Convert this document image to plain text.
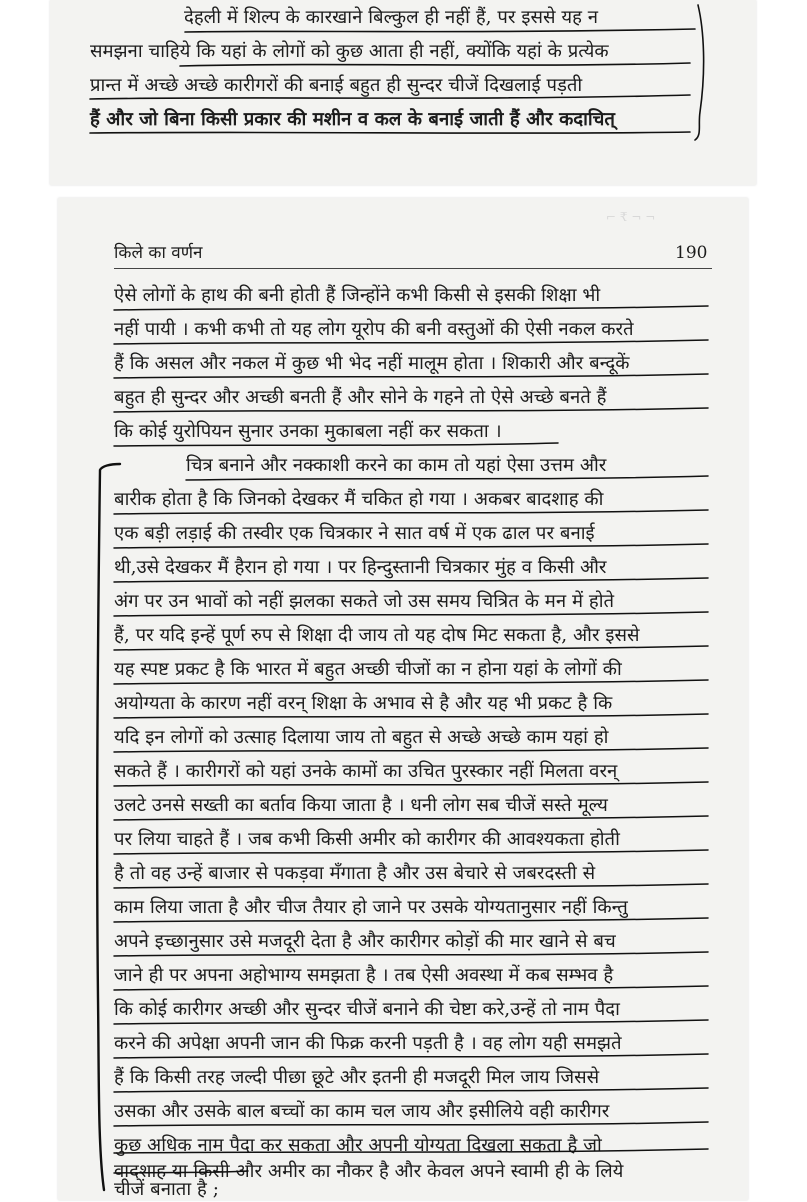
देहली में शिल्प के कारखाने बिल्कुल ही नहीं हैं, पर इससे यह न
समझना चाहिये कि यहां के लोगों को कुछ आता ही नहीं, क्योंकि यहां के प्रत्येक
प्रान्त में अच्छे अच्छे कारीगरों की बनाई बहुत ही सुन्दर चीजें दिखलाई पड़ती
हैं और जो बिना किसी प्रकार की मशीन व कल के बनाई जाती हैं और कदाचित्
⌐ ₹ ¬ ¬
किले का वर्णन	190
ऐसे लोगों के हाथ की बनी होती हैं जिन्होंने कभी किसी से इसकी शिक्षा भी
नहीं पायी । कभी कभी तो यह लोग यूरोप की बनी वस्तुओं की ऐसी नकल करते
हैं कि असल और नकल में कुछ भी भेद नहीं मालूम होता । शिकारी और बन्दूकें
बहुत ही सुन्दर और अच्छी बनती हैं और सोने के गहने तो ऐसे अच्छे बनते हैं
कि कोई युरोपियन सुनार उनका मुकाबला नहीं कर सकता ।
चित्र बनाने और नक्काशी करने का काम तो यहां ऐसा उत्तम और
बारीक होता है कि जिनको देखकर मैं चकित हो गया । अकबर बादशाह की
एक बड़ी लड़ाई की तस्वीर एक चित्रकार ने सात वर्ष में एक ढाल पर बनाई
थी,उसे देखकर मैं हैरान हो गया । पर हिन्दुस्तानी चित्रकार मुंह व किसी और
अंग पर उन भावों को नहीं झलका सकते जो उस समय चित्रित के मन में होते
हैं, पर यदि इन्हें पूर्ण रुप से शिक्षा दी जाय तो यह दोष मिट सकता है, और इससे
यह स्पष्ट प्रकट है कि भारत में बहुत अच्छी चीजों का न होना यहां के लोगों की
अयोग्यता के कारण नहीं वरन् शिक्षा के अभाव से है और यह भी प्रकट है कि
यदि इन लोगों को उत्साह दिलाया जाय तो बहुत से अच्छे अच्छे काम यहां हो
सकते हैं । कारीगरों को यहां उनके कामों का उचित पुरस्कार नहीं मिलता वरन्
उलटे उनसे सख्ती का बर्ताव किया जाता है । धनी लोग सब चीजें सस्ते मूल्य
पर लिया चाहते हैं । जब कभी किसी अमीर को कारीगर की आवश्यकता होती
है तो वह उन्हें बाजार से पकड़वा मँगाता है और उस बेचारे से जबरदस्ती से
काम लिया जाता है और चीज तैयार हो जाने पर उसके योग्यतानुसार नहीं किन्तु
अपने इच्छानुसार उसे मजदूरी देता है और कारीगर कोड़ों की मार खाने से बच
जाने ही पर अपना अहोभाग्य समझता है । तब ऐसी अवस्था में कब सम्भव है
कि कोई कारीगर अच्छी और सुन्दर चीजें बनाने की चेष्टा करे,उन्हें तो नाम पैदा
करने की अपेक्षा अपनी जान की फिक्र करनी पड़ती है । वह लोग यही समझते
हैं कि किसी तरह जल्दी पीछा छूटे और इतनी ही मजदूरी मिल जाय जिससे
उसका और उसके बाल बच्चों का काम चल जाय और इसीलिये वही कारीगर
कुछ अधिक नाम पैदा कर सकता और अपनी योग्यता दिखला सकता है जो
वादशाह या किसी और अमीर का नौकर है और केवल अपने स्वामी ही के लिये
चीजें बनाता है ;
